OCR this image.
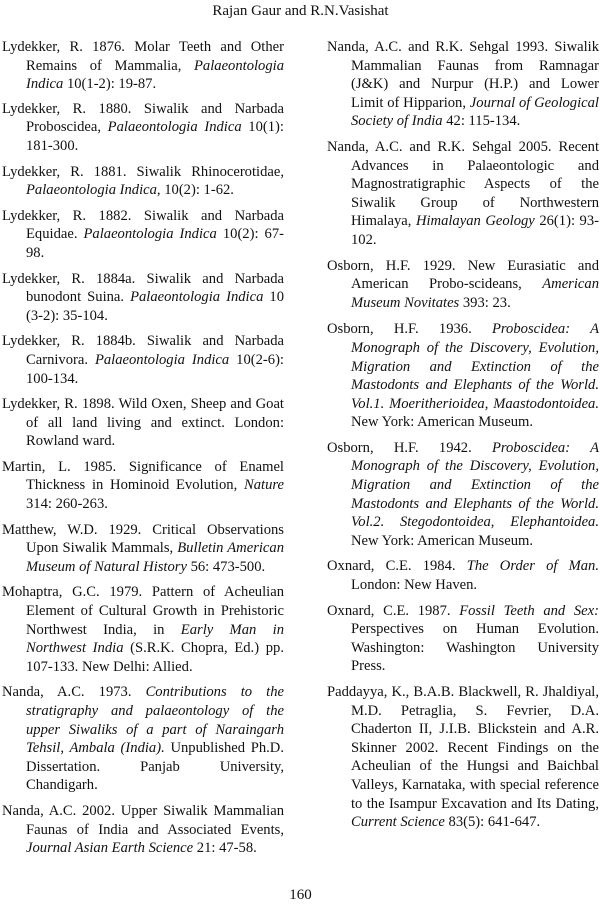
Rajan Gaur and R.N.Vasishat
Lydekker, R. 1876. Molar Teeth and Other Remains of Mammalia, Palaeontologia Indica 10(1-2): 19-87.
Lydekker, R. 1880. Siwalik and Narbada Proboscidea, Palaeontologia Indica 10(1): 181-300.
Lydekker, R. 1881. Siwalik Rhinocerotidae, Palaeontologia Indica, 10(2): 1-62.
Lydekker, R. 1882. Siwalik and Narbada Equidae. Palaeontologia Indica 10(2): 67-98.
Lydekker, R. 1884a. Siwalik and Narbada bunodont Suina. Palaeontologia Indica 10 (3-2): 35-104.
Lydekker, R. 1884b. Siwalik and Narbada Carnivora. Palaeontologia Indica 10(2-6): 100-134.
Lydekker, R. 1898. Wild Oxen, Sheep and Goat of all land living and extinct. London: Rowland ward.
Martin, L. 1985. Significance of Enamel Thickness in Hominoid Evolution, Nature 314: 260-263.
Matthew, W.D. 1929. Critical Observations Upon Siwalik Mammals, Bulletin American Museum of Natural History 56: 473-500.
Mohaptra, G.C. 1979. Pattern of Acheulian Element of Cultural Growth in Prehistoric Northwest India, in Early Man in Northwest India (S.R.K. Chopra, Ed.) pp. 107-133. New Delhi: Allied.
Nanda, A.C. 1973. Contributions to the stratigraphy and palaeontology of the upper Siwaliks of a part of Naraingarh Tehsil, Ambala (India). Unpublished Ph.D. Dissertation. Panjab University, Chandigarh.
Nanda, A.C. 2002. Upper Siwalik Mammalian Faunas of India and Associated Events, Journal Asian Earth Science 21: 47-58.
Nanda, A.C. and R.K. Sehgal 1993. Siwalik Mammalian Faunas from Ramnagar (J&K) and Nurpur (H.P.) and Lower Limit of Hipparion, Journal of Geological Society of India 42: 115-134.
Nanda, A.C. and R.K. Sehgal 2005. Recent Advances in Palaeontologic and Magnostratigraphic Aspects of the Siwalik Group of Northwestern Himalaya, Himalayan Geology 26(1): 93-102.
Osborn, H.F. 1929. New Eurasiatic and American Probo-scideans, American Museum Novitates 393: 23.
Osborn, H.F. 1936. Proboscidea: A Monograph of the Discovery, Evolution, Migration and Extinction of the Mastodonts and Elephants of the World. Vol.1. Moeritherioidea, Maastodontoidea. New York: American Museum.
Osborn, H.F. 1942. Proboscidea: A Monograph of the Discovery, Evolution, Migration and Extinction of the Mastodonts and Elephants of the World. Vol.2. Stegodontoidea, Elephantoidea. New York: American Museum.
Oxnard, C.E. 1984. The Order of Man. London: New Haven.
Oxnard, C.E. 1987. Fossil Teeth and Sex: Perspectives on Human Evolution. Washington: Washington University Press.
Paddayya, K., B.A.B. Blackwell, R. Jhaldiyal, M.D. Petraglia, S. Fevrier, D.A. Chaderton II, J.I.B. Blickstein and A.R. Skinner 2002. Recent Findings on the Acheulian of the Hungsi and Baichbal Valleys, Karnataka, with special reference to the Isampur Excavation and Its Dating, Current Science 83(5): 641-647.
160
